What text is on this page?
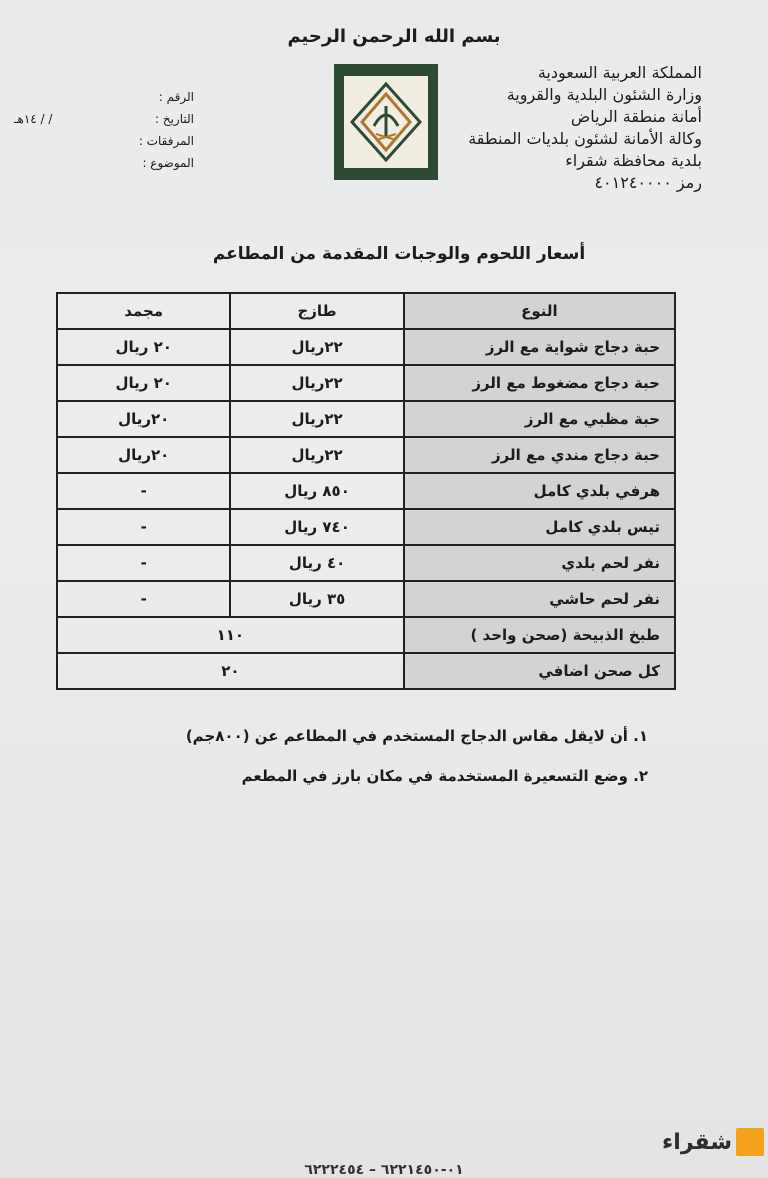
بسم الله الرحمن الرحيم
المملكة العربية السعودية
وزارة الشئون البلدية والقروية
أمانة منطقة الرياض
وكالة الأمانة لشئون بلديات المنطقة
بلدية محافظة شقراء
رمز ٤٠١٢٤٠٠٠٠
الرقم :
التاريخ :
/ / ١٤هـ
المرفقات :
الموضوع :
أسعار اللحوم والوجبات المقدمة من المطاعم
النوع	طازج	مجمد
حبة دجاج شواية مع الرز	٢٢ريال	٢٠ ريال
حبة دجاج مضغوط مع الرز	٢٢ريال	٢٠ ريال
حبة مظبي مع الرز	٢٢ريال	٢٠ريال
حبة دجاج مندي مع الرز	٢٢ريال	٢٠ريال
هرفي بلدي كامل	٨٥٠ ريال	-
تيس بلدي كامل	٧٤٠ ريال	-
نفر لحم بلدي	٤٠ ريال	-
نفر لحم حاشي	٣٥ ريال	-
طبخ الذبيحة (صحن واحد )	١١٠	
كل صحن اضافي	٢٠	
١. أن لايقل مقاس الدجاج المستخدم في المطاعم عن (٨٠٠جم)
٢. وضع التسعيرة المستخدمة في مكان بارز في المطعم
شقراء
٠١-٦٢٢١٤٥٠ – ٦٢٢٢٤٥٤
